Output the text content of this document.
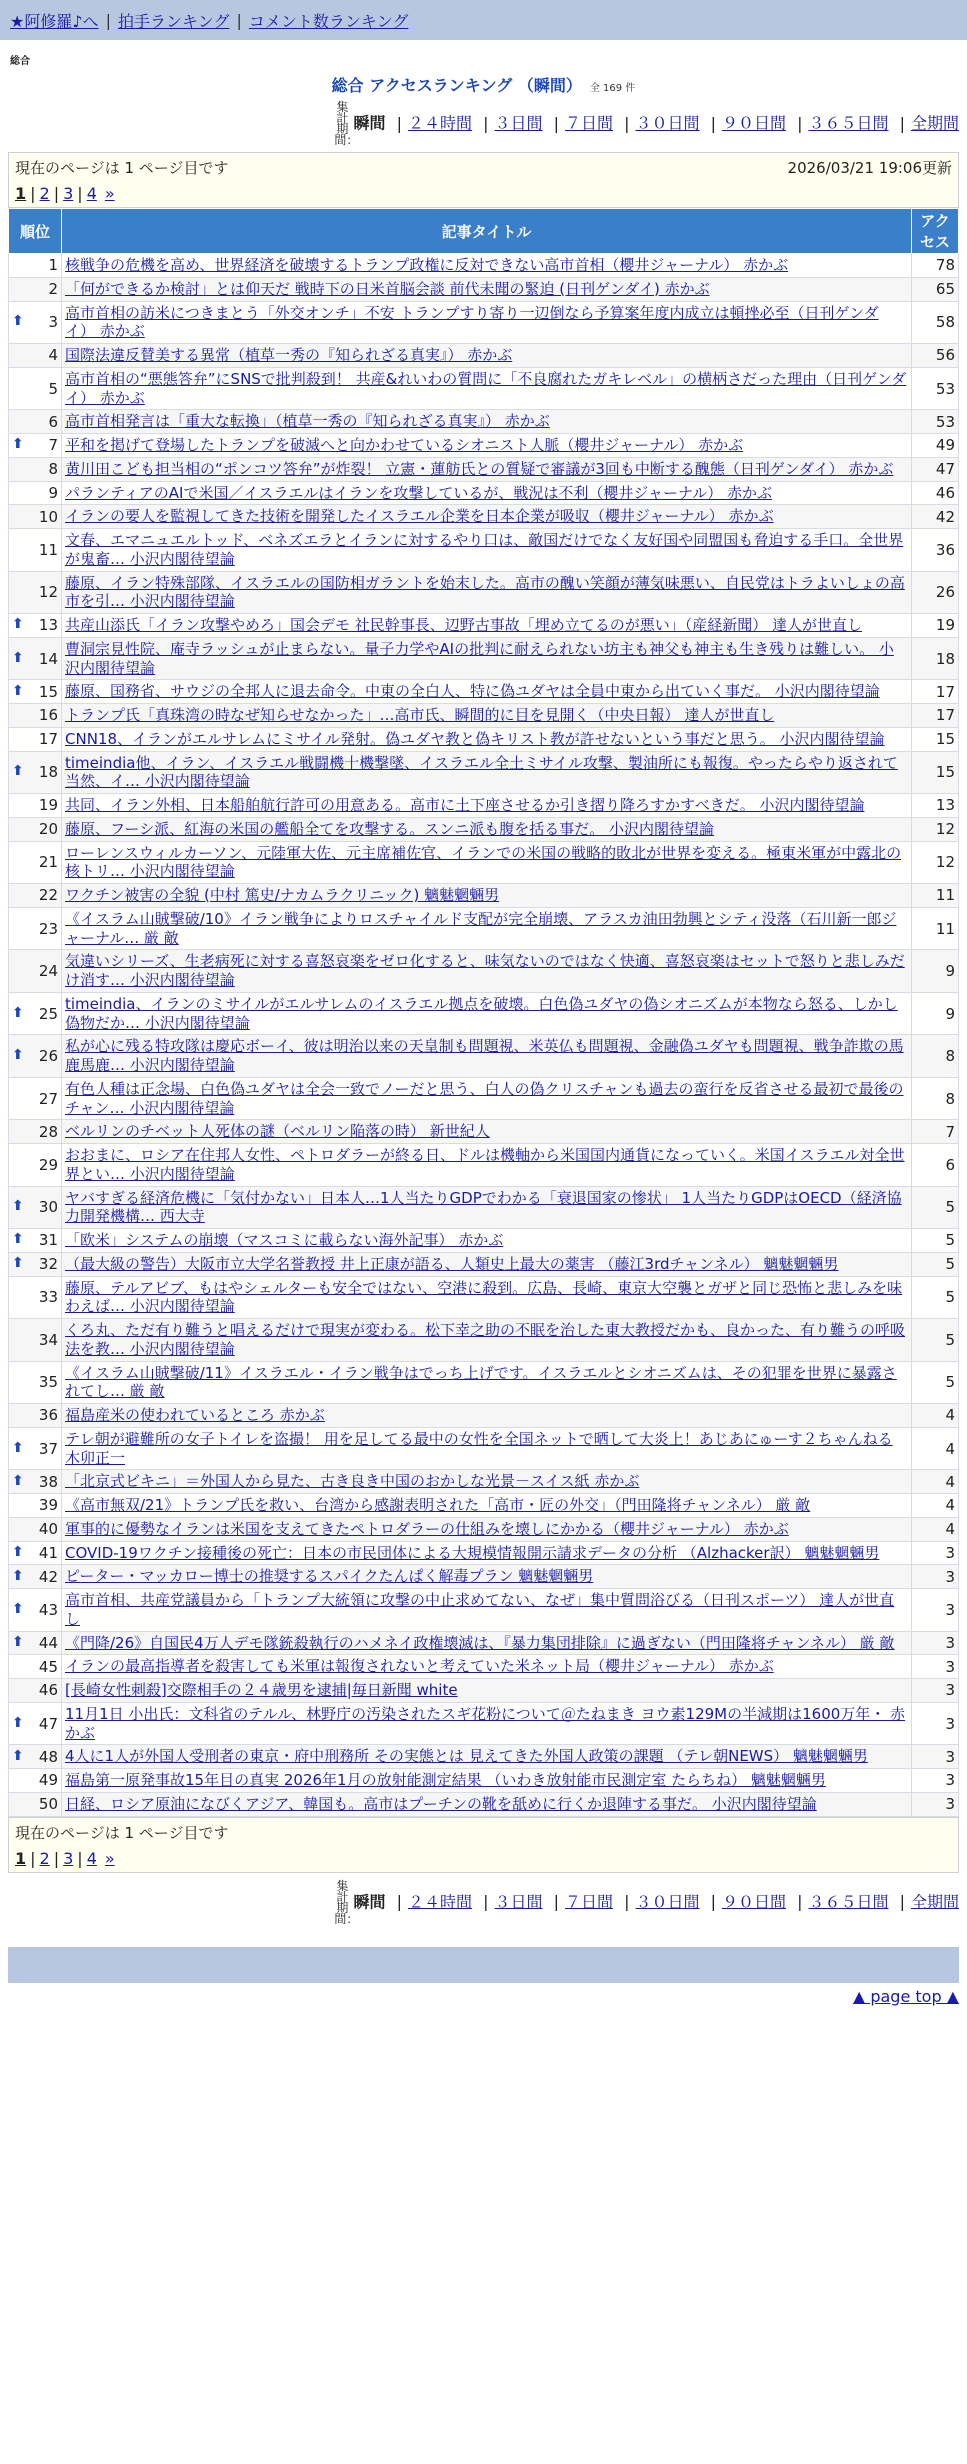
★阿修羅♪へ | 拍手ランキング | コメント数ランキング
総合
総合 アクセスランキング （瞬間） 全 169 件
集計期間： 瞬間 | ２４時間 | ３日間 | ７日間 | ３０日間 | ９０日間 | ３６５日間 | 全期間
現在のページは 1 ページ目です	2026/03/21 19:06更新
1 | 2 | 3 | 4 »
順位	記事タイトル	アクセス
1	核戦争の危機を高め、世界経済を破壊するトランプ政権に反対できない高市首相（櫻井ジャーナル） 赤かぶ	78
2	「何ができるか検討」とは仰天だ 戦時下の日米首脳会談 前代未聞の緊迫 (日刊ゲンダイ) 赤かぶ	65

⬆ 3	高市首相の訪米につきまとう「外交オンチ」不安 トランプすり寄り一辺倒なら予算案年度内成立は頓挫必至（日刊ゲンダイ） 赤かぶ	58
4	国際法違反賛美する異常（植草一秀の『知られざる真実』） 赤かぶ	56
5	高市首相の“悪態答弁”にSNSで批判殺到！ 共産&れいわの質問に「不良腐れたガキレベル」の横柄さだった理由（日刊ゲンダイ） 赤かぶ	53
6	高市首相発言は「重大な転換」（植草一秀の『知られざる真実』） 赤かぶ	53

⬆ 7	平和を掲げて登場したトランプを破滅へと向かわせているシオニスト人脈（櫻井ジャーナル） 赤かぶ	49
8	黄川田こども担当相の“ポンコツ答弁”が炸裂！ 立憲・蓮舫氏との質疑で審議が3回も中断する醜態（日刊ゲンダイ） 赤かぶ	47
9	パランティアのAIで米国／イスラエルはイランを攻撃しているが、戦況は不利（櫻井ジャーナル） 赤かぶ	46
10	イランの要人を監視してきた技術を開発したイスラエル企業を日本企業が吸収（櫻井ジャーナル） 赤かぶ	42
11	文春、エマニュエルトッド、ベネズエラとイランに対するやり口は、敵国だけでなく友好国や同盟国も脅迫する手口。全世界が鬼畜… 小沢内閣待望論	36
12	藤原、イラン特殊部隊、イスラエルの国防相ガラントを始末した。高市の醜い笑顔が薄気味悪い、自民党はトラよいしょの高市を引… 小沢内閣待望論	26

⬆ 13	共産山添氏「イラン攻撃やめろ」国会デモ 社民幹事長、辺野古事故「埋め立てるのが悪い」（産経新聞） 達人が世直し	19

⬆ 14	曹洞宗見性院、庵寺ラッシュが止まらない。量子力学やAIの批判に耐えられない坊主も神父も神主も生き残りは難しい。 小沢内閣待望論	18

⬆ 15	藤原、国務省、サウジの全邦人に退去命令。中東の全白人、特に偽ユダヤは全員中東から出ていく事だ。 小沢内閣待望論	17
16	トランプ氏「真珠湾の時なぜ知らせなかった」…高市氏、瞬間的に目を見開く（中央日報） 達人が世直し	17
17	CNN18、イランがエルサレムにミサイル発射。偽ユダヤ教と偽キリスト教が許せないという事だと思う。 小沢内閣待望論	15

⬆ 18	timeindia他、イラン、イスラエル戦闘機十機撃墜、イスラエル全土ミサイル攻撃、製油所にも報復。やったらやり返されて当然、イ… 小沢内閣待望論	15
19	共同、イラン外相、日本船舶航行許可の用意ある。高市に土下座させるか引き摺り降ろすかすべきだ。 小沢内閣待望論	13
20	藤原、フーシ派、紅海の米国の艦船全てを攻撃する。スンニ派も腹を括る事だ。 小沢内閣待望論	12
21	ローレンスウィルカーソン、元陸軍大佐、元主席補佐官、イランでの米国の戦略的敗北が世界を変える。極東米軍が中露北の核トリ… 小沢内閣待望論	12
22	ワクチン被害の全貌 (中村 篤史/ナカムラクリニック) 魑魅魍魎男	11
23	《イスラム山賊撃破/10》イラン戦争によりロスチャイルド支配が完全崩壊、アラスカ油田勃興とシティ没落（石川新一郎ジャーナル… 厳 敵	11
24	気違いシリーズ、生老病死に対する喜怒哀楽をゼロ化すると、味気ないのではなく快適、喜怒哀楽はセットで怒りと悲しみだけ消す… 小沢内閣待望論	9

⬆ 25	timeindia、イランのミサイルがエルサレムのイスラエル拠点を破壊。白色偽ユダヤの偽シオニズムが本物なら怒る、しかし偽物だか… 小沢内閣待望論	9

⬆ 26	私が心に残る特攻隊は慶応ボーイ、彼は明治以来の天皇制も問題視、米英仏も問題視、金融偽ユダヤも問題視、戦争詐欺の馬鹿馬鹿… 小沢内閣待望論	8
27	有色人種は正念場、白色偽ユダヤは全会一致でノーだと思う、白人の偽クリスチャンも過去の蛮行を反省させる最初で最後のチャン… 小沢内閣待望論	8
28	ベルリンのチベット人死体の謎（ベルリン陥落の時） 新世紀人	7
29	おおまに、ロシア在住邦人女性、ペトロダラーが終る日、ドルは機軸から米国国内通貨になっていく。米国イスラエル対全世界とい… 小沢内閣待望論	6

⬆ 30	ヤバすぎる経済危機に「気付かない」日本人…1人当たりGDPでわかる「衰退国家の惨状」 1人当たりGDPはOECD（経済協力開発機構… 西大寺	5

⬆ 31	「欧米」システムの崩壊（マスコミに載らない海外記事） 赤かぶ	5

⬆ 32	（最大級の警告）大阪市立大学名誉教授 井上正康が語る、人類史上最大の薬害 （藤江3rdチャンネル） 魑魅魍魎男	5
33	藤原、テルアビブ、もはやシェルターも安全ではない、空港に殺到。広島、長崎、東京大空襲とガザと同じ恐怖と悲しみを味わえば… 小沢内閣待望論	5
34	くろ丸、ただ有り難うと唱えるだけで現実が変わる。松下幸之助の不眠を治した東大教授だかも、良かった、有り難うの呼吸法を教… 小沢内閣待望論	5
35	《イスラム山賊撃破/11》イスラエル・イラン戦争はでっち上げです。イスラエルとシオニズムは、その犯罪を世界に暴露されてし… 厳 敵	5
36	福島産米の使われているところ 赤かぶ	4

⬆ 37	テレ朝が避難所の女子トイレを盗撮！ 用を足してる最中の女性を全国ネットで晒して大炎上！あじあにゅーす２ちゃんねる 木卯正一	4

⬆ 38	「北京式ビキニ」＝外国人から見た、古き良き中国のおかしな光景－スイス紙 赤かぶ	4
39	《高市無双/21》トランプ氏を救い、台湾から感謝表明された「高市・匠の外交」（門田隆将チャンネル） 厳 敵	4
40	軍事的に優勢なイランは米国を支えてきたペトロダラーの仕組みを壊しにかかる（櫻井ジャーナル） 赤かぶ	4

⬆ 41	COVID-19ワクチン接種後の死亡：日本の市民団体による大規模情報開示請求データの分析 （Alzhacker訳） 魑魅魍魎男	3

⬆ 42	ピーター・マッカロー博士の推奨するスパイクたんぱく解毒プラン 魑魅魍魎男	3

⬆ 43	高市首相、共産党議員から「トランプ大統領に攻撃の中止求めてない、なぜ」集中質問浴びる（日刊スポーツ） 達人が世直し	3

⬆ 44	《門降/26》自国民4万人デモ隊銃殺執行のハメネイ政権壊滅は、『暴力集団排除』に過ぎない（門田隆将チャンネル） 厳 敵	3
45	イランの最高指導者を殺害しても米軍は報復されないと考えていた米ネット局（櫻井ジャーナル） 赤かぶ	3
46	[長崎女性刺殺]交際相手の２４歳男を逮捕|毎日新聞 white	3

⬆ 47	11月1日 小出氏：文科省のテルル、林野庁の汚染されたスギ花粉について＠たねまき ヨウ素129Mの半減期は1600万年・ 赤かぶ	3

⬆ 48	4人に1人が外国人受刑者の東京・府中刑務所 その実態とは 見えてきた外国人政策の課題 （テレ朝NEWS） 魑魅魍魎男	3
49	福島第一原発事故15年目の真実 2026年1月の放射能測定結果 （いわき放射能市民測定室 たらちね） 魑魅魍魎男	3
50	日経、ロシア原油になびくアジア、韓国も。高市はプーチンの靴を舐めに行くか退陣する事だ。 小沢内閣待望論	3
現在のページは 1 ページ目です
1 | 2 | 3 | 4 »
集計期間： 瞬間 | ２４時間 | ３日間 | ７日間 | ３０日間 | ９０日間 | ３６５日間 | 全期間
▲ page top ▲
